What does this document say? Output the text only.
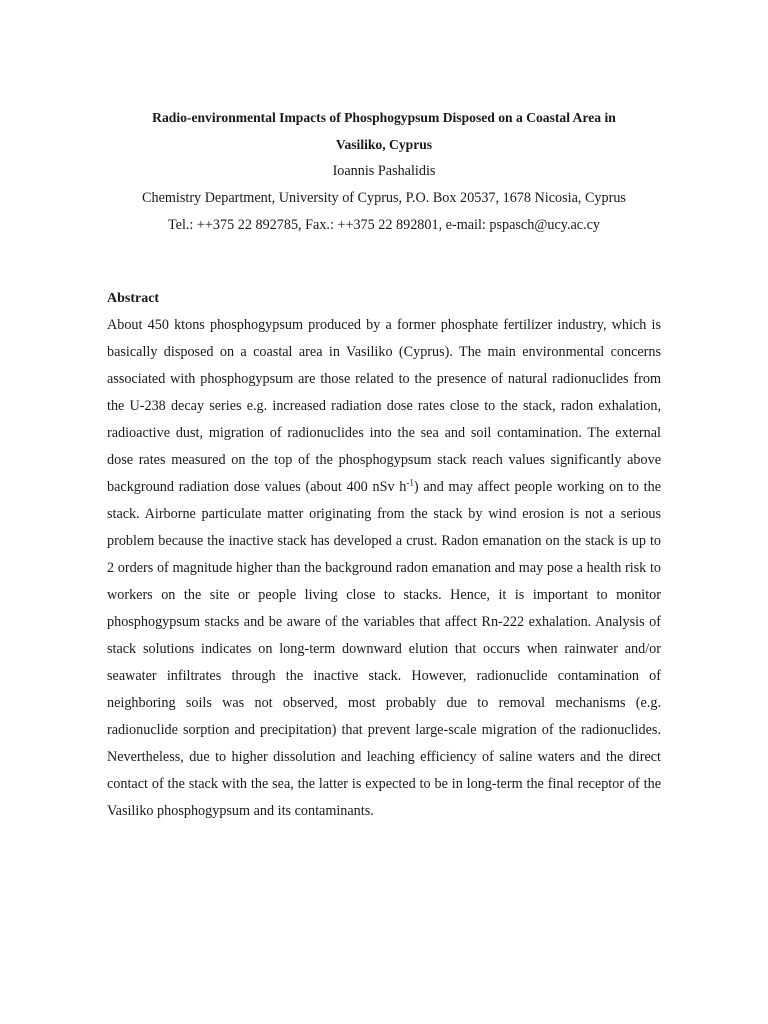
Radio-environmental Impacts of Phosphogypsum Disposed on a Coastal Area in
Vasiliko, Cyprus

Ioannis Pashalidis

Chemistry Department, University of Cyprus, P.O. Box 20537, 1678 Nicosia, Cyprus

Tel.: ++375 22 892785, Fax.: ++375 22 892801, e-mail: pspasch@ucy.ac.cy

Abstract

About 450 ktons phosphogypsum produced by a former phosphate fertilizer industry, which is basically disposed on a coastal area in Vasiliko (Cyprus). The main environmental concerns associated with phosphogypsum are those related to the presence of natural radionuclides from the U-238 decay series e.g. increased radiation dose rates close to the stack, radon exhalation, radioactive dust, migration of radionuclides into the sea and soil contamination. The external dose rates measured on the top of the phosphogypsum stack reach values significantly above background radiation dose values (about 400 nSv $h^{-1}$) and may affect people working on to the stack. Airborne particulate matter originating from the stack by wind erosion is not a serious problem because the inactive stack has developed a crust. Radon emanation on the stack is up to 2 orders of magnitude higher than the background radon emanation and may pose a health risk to workers on the site or people living close to stacks. Hence, it is important to monitor phosphogypsum stacks and be aware of the variables that affect Rn-222 exhalation. Analysis of stack solutions indicates on long-term downward elution that occurs when rainwater and/or seawater infiltrates through the inactive stack. However, radionuclide contamination of neighboring soils was not observed, most probably due to removal mechanisms (e.g. radionuclide sorption and precipitation) that prevent large-scale migration of the radionuclides. Nevertheless, due to higher dissolution and leaching efficiency of saline waters and the direct contact of the stack with the sea, the latter is expected to be in long-term the final receptor of the Vasiliko phosphogypsum and its contaminants.
